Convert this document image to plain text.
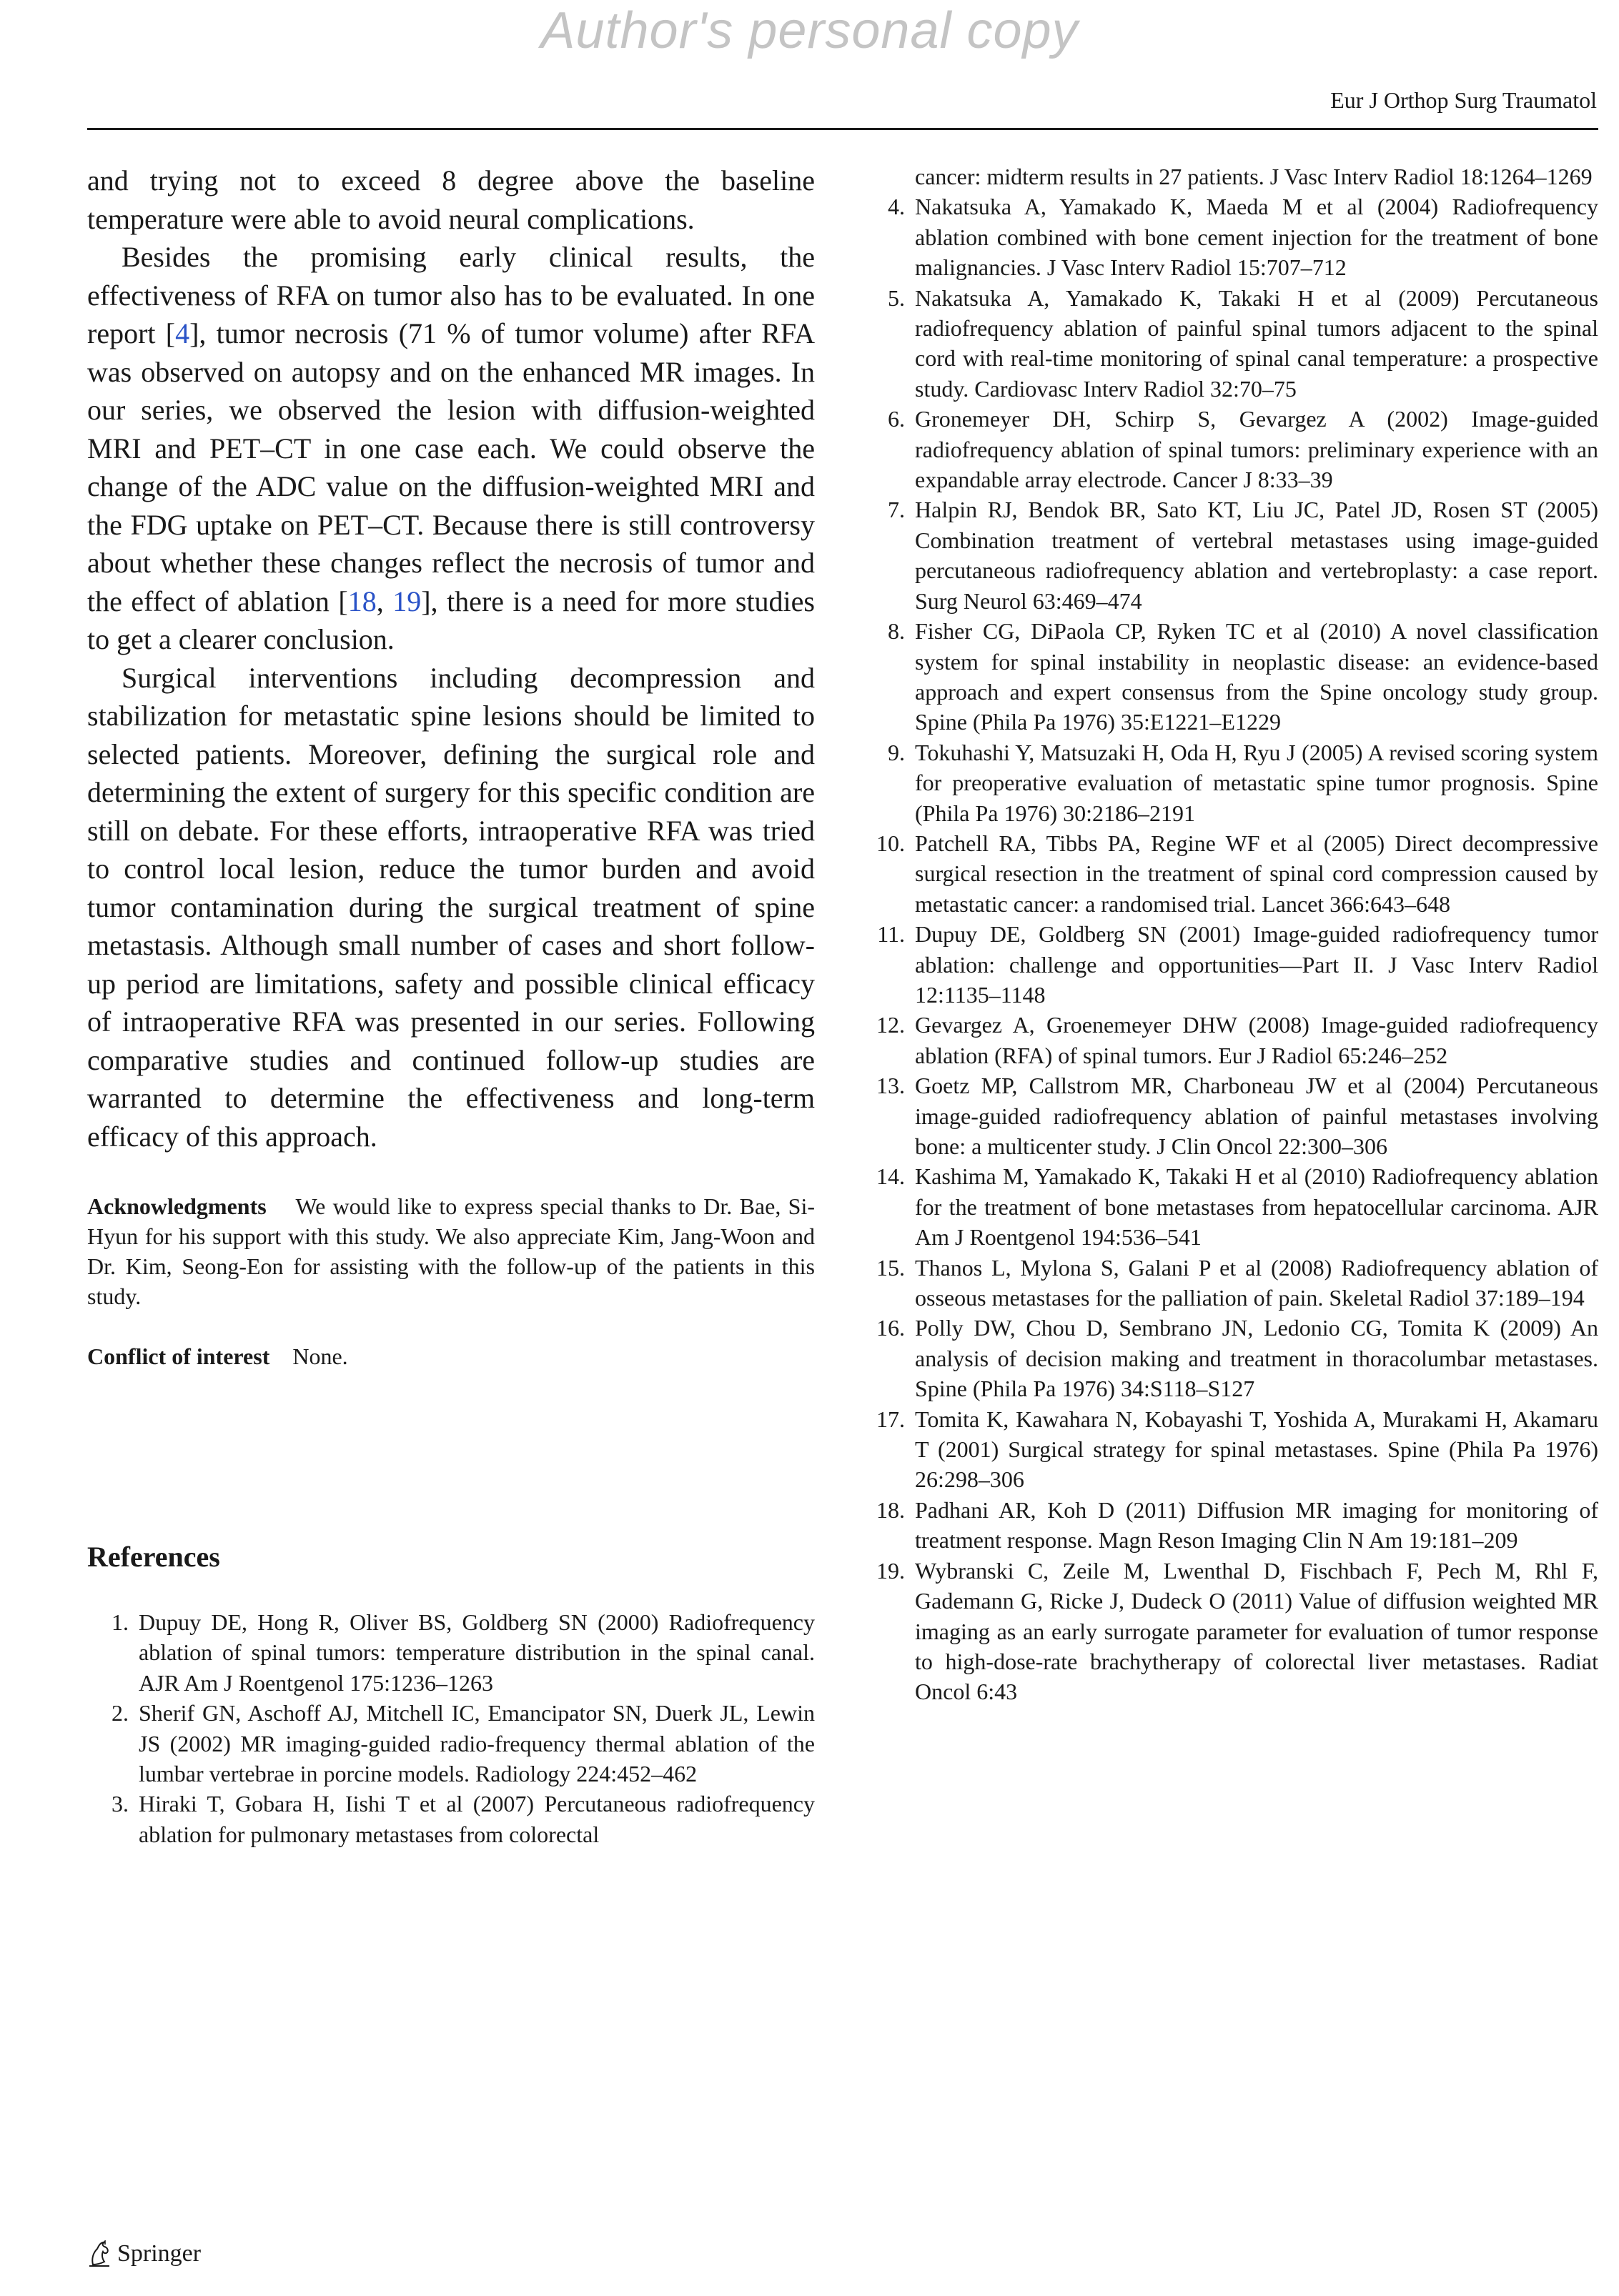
Author's personal copy
Eur J Orthop Surg Traumatol

and trying not to exceed 8 degree above the baseline temperature were able to avoid neural complications.

Besides the promising early clinical results, the effectiveness of RFA on tumor also has to be evaluated. In one report [4], tumor necrosis (71 % of tumor volume) after RFA was observed on autopsy and on the enhanced MR images. In our series, we observed the lesion with diffusion-weighted MRI and PET–CT in one case each. We could observe the change of the ADC value on the diffusion-weighted MRI and the FDG uptake on PET–CT. Because there is still controversy about whether these changes reflect the necrosis of tumor and the effect of ablation [18, 19], there is a need for more studies to get a clearer conclusion.

Surgical interventions including decompression and stabilization for metastatic spine lesions should be limited to selected patients. Moreover, defining the surgical role and determining the extent of surgery for this specific condition are still on debate. For these efforts, intraoperative RFA was tried to control local lesion, reduce the tumor burden and avoid tumor contamination during the surgical treatment of spine metastasis. Although small number of cases and short follow-up period are limitations, safety and possible clinical efficacy of intraoperative RFA was presented in our series. Following comparative studies and continued follow-up studies are warranted to determine the effectiveness and long-term efficacy of this approach.

Acknowledgments We would like to express special thanks to Dr. Bae, Si-Hyun for his support with this study. We also appreciate Kim, Jang-Woon and Dr. Kim, Seong-Eon for assisting with the follow-up of the patients in this study.

Conflict of interest None.

References
1. Dupuy DE, Hong R, Oliver BS, Goldberg SN (2000) Radiofrequency ablation of spinal tumors: temperature distribution in the spinal canal. AJR Am J Roentgenol 175:1236–1263
2. Sherif GN, Aschoff AJ, Mitchell IC, Emancipator SN, Duerk JL, Lewin JS (2002) MR imaging-guided radio-frequency thermal ablation of the lumbar vertebrae in porcine models. Radiology 224:452–462
3. Hiraki T, Gobara H, Iishi T et al (2007) Percutaneous radiofrequency ablation for pulmonary metastases from colorectal
cancer: midterm results in 27 patients. J Vasc Interv Radiol 18:1264–1269
4. Nakatsuka A, Yamakado K, Maeda M et al (2004) Radiofrequency ablation combined with bone cement injection for the treatment of bone malignancies. J Vasc Interv Radiol 15:707–712
5. Nakatsuka A, Yamakado K, Takaki H et al (2009) Percutaneous radiofrequency ablation of painful spinal tumors adjacent to the spinal cord with real-time monitoring of spinal canal temperature: a prospective study. Cardiovasc Interv Radiol 32:70–75
6. Gronemeyer DH, Schirp S, Gevargez A (2002) Image-guided radiofrequency ablation of spinal tumors: preliminary experience with an expandable array electrode. Cancer J 8:33–39
7. Halpin RJ, Bendok BR, Sato KT, Liu JC, Patel JD, Rosen ST (2005) Combination treatment of vertebral metastases using image-guided percutaneous radiofrequency ablation and vertebroplasty: a case report. Surg Neurol 63:469–474
8. Fisher CG, DiPaola CP, Ryken TC et al (2010) A novel classification system for spinal instability in neoplastic disease: an evidence-based approach and expert consensus from the Spine oncology study group. Spine (Phila Pa 1976) 35:E1221–E1229
9. Tokuhashi Y, Matsuzaki H, Oda H, Ryu J (2005) A revised scoring system for preoperative evaluation of metastatic spine tumor prognosis. Spine (Phila Pa 1976) 30:2186–2191
10. Patchell RA, Tibbs PA, Regine WF et al (2005) Direct decompressive surgical resection in the treatment of spinal cord compression caused by metastatic cancer: a randomised trial. Lancet 366:643–648
11. Dupuy DE, Goldberg SN (2001) Image-guided radiofrequency tumor ablation: challenge and opportunities—Part II. J Vasc Interv Radiol 12:1135–1148
12. Gevargez A, Groenemeyer DHW (2008) Image-guided radiofrequency ablation (RFA) of spinal tumors. Eur J Radiol 65:246–252
13. Goetz MP, Callstrom MR, Charboneau JW et al (2004) Percutaneous image-guided radiofrequency ablation of painful metastases involving bone: a multicenter study. J Clin Oncol 22:300–306
14. Kashima M, Yamakado K, Takaki H et al (2010) Radiofrequency ablation for the treatment of bone metastases from hepatocellular carcinoma. AJR Am J Roentgenol 194:536–541
15. Thanos L, Mylona S, Galani P et al (2008) Radiofrequency ablation of osseous metastases for the palliation of pain. Skeletal Radiol 37:189–194
16. Polly DW, Chou D, Sembrano JN, Ledonio CG, Tomita K (2009) An analysis of decision making and treatment in thoracolumbar metastases. Spine (Phila Pa 1976) 34:S118–S127
17. Tomita K, Kawahara N, Kobayashi T, Yoshida A, Murakami H, Akamaru T (2001) Surgical strategy for spinal metastases. Spine (Phila Pa 1976) 26:298–306
18. Padhani AR, Koh D (2011) Diffusion MR imaging for monitoring of treatment response. Magn Reson Imaging Clin N Am 19:181–209
19. Wybranski C, Zeile M, Lwenthal D, Fischbach F, Pech M, Rhl F, Gademann G, Ricke J, Dudeck O (2011) Value of diffusion weighted MR imaging as an early surrogate parameter for evaluation of tumor response to high-dose-rate brachytherapy of colorectal liver metastases. Radiat Oncol 6:43
Springer
